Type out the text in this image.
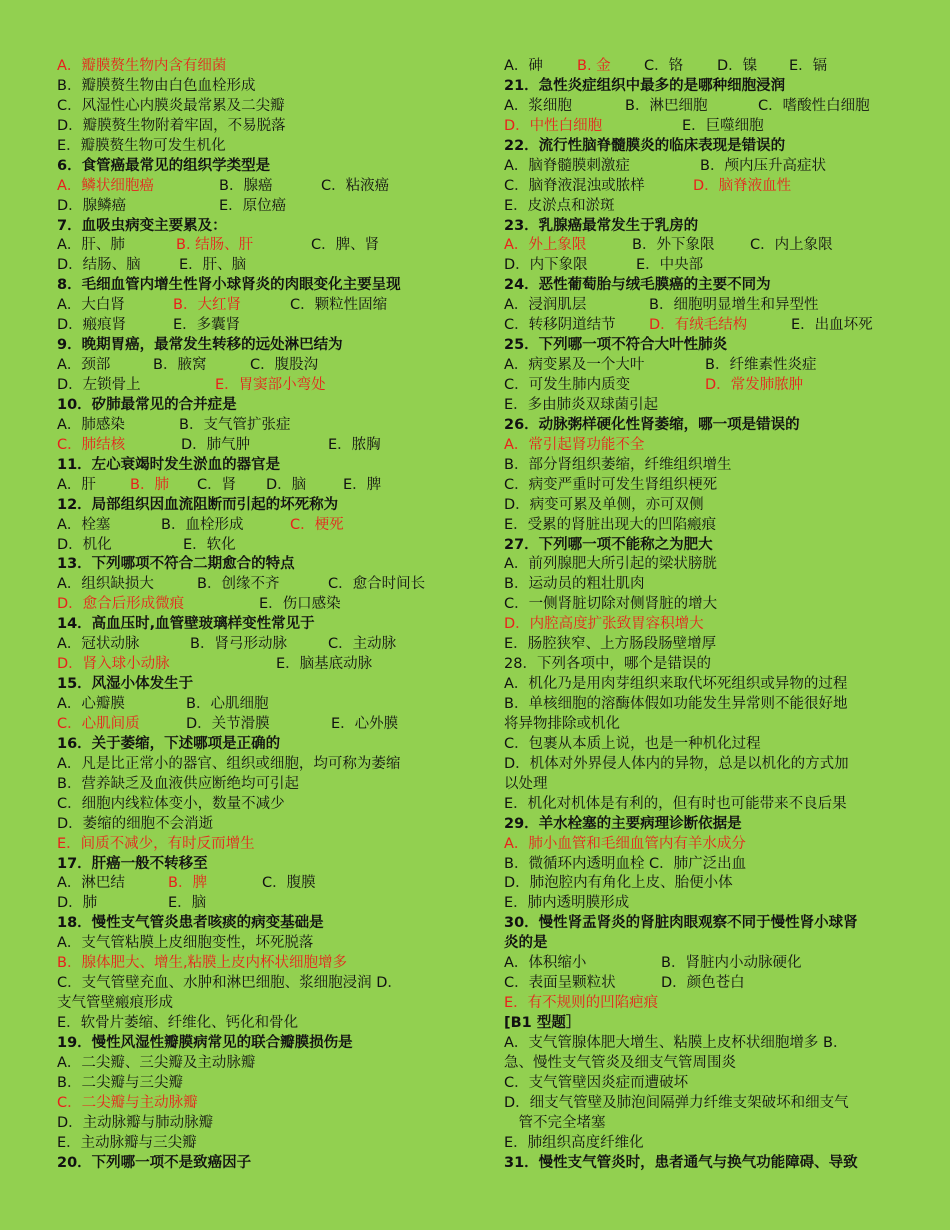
A．瓣膜赘生物内含有细菌
B．瓣膜赘生物由白色血栓形成
C．风湿性心内膜炎最常累及二尖瓣
D．瓣膜赘生物附着牢固，不易脱落
E．瓣膜赘生物可发生机化
6．食管癌最常见的组织学类型是
A．鳞状细胞癌	B．腺癌	C．粘液癌
D．腺鳞癌	E．原位癌
7．血吸虫病变主要累及：
A．肝、肺	B. 结肠、肝	C．脾、肾
D．结肠、脑	E．肝、脑
8．毛细血管内增生性肾小球肾炎的肉眼变化主要呈现
A．大白肾	B．大红肾	C．颗粒性固缩
D．瘢痕肾	E．多囊肾
9．晚期胃癌，最常发生转移的远处淋巴结为
A．颈部	B．腋窝	C．腹股沟
D．左锁骨上	E．胃窦部小弯处
10．矽肺最常见的合并症是
A．肺感染	B．支气管扩张症
C．肺结核	D．肺气肿	E．脓胸
11．左心衰竭时发生淤血的器官是
A．肝 B．肺 C．肾 D．脑	E．脾
12．局部组织因血流阻断而引起的坏死称为
A．栓塞	B．血栓形成	C．梗死
D．机化	E．软化
13．下列哪项不符合二期愈合的特点
A．组织缺损大	B．创缘不齐	C．愈合时间长
D．愈合后形成微痕	E．伤口感染
14．高血压时,血管壁玻璃样变性常见于
A．冠状动脉	B．肾弓形动脉	C．主动脉
D．肾入球小动脉	E．脑基底动脉
15．风湿小体发生于
A．心瓣膜	B．心肌细胞
C．心肌间质	D．关节滑膜	E．心外膜
16．关于萎缩，下述哪项是正确的
A．凡是比正常小的器官、组织或细胞，均可称为萎缩
B．营养缺乏及血液供应断绝均可引起
C．细胞内线粒体变小，数量不减少
D．萎缩的细胞不会消逝
E．间质不减少，有时反而增生
17．肝癌一般不转移至
A．淋巴结	B．脾	C．腹膜
D．肺	E．脑
18．慢性支气管炎患者咳痰的病变基础是
A．支气管粘膜上皮细胞变性，坏死脱落
B．腺体肥大、增生,粘膜上皮内杯状细胞增多
C．支气管壁充血、水肿和淋巴细胞、浆细胞浸润 D．
支气管壁瘢痕形成
E．软骨片萎缩、纤维化、钙化和骨化
19．慢性风湿性瓣膜病常见的联合瓣膜损伤是
A．二尖瓣、三尖瓣及主动脉瓣
B．二尖瓣与三尖瓣
C．二尖瓣与主动脉瓣
D．主动脉瓣与肺动脉瓣
E．主动脉瓣与三尖瓣
20．下列哪一项不是致癌因子
A．砷 B. 金 C．铬 D．镍 E．镉
21．急性炎症组织中最多的是哪种细胞浸润
A．浆细胞	B．淋巴细胞	C．嗜酸性白细胞
D．中性白细胞	E．巨噬细胞
22．流行性脑脊髓膜炎的临床表现是错误的
A．脑脊髓膜刺激症	B．颅内压升高症状
C．脑脊液混浊或脓样	D．脑脊液血性
E．皮淤点和淤斑
23．乳腺癌最常发生于乳房的
A．外上象限	B．外下象限 C．内上象限
D．内下象限	E．中央部
24．恶性葡萄胎与绒毛膜癌的主要不同为
A．浸润肌层	B．细胞明显增生和异型性
C．转移阴道结节 D．有绒毛结构	E．出血坏死
25．下列哪一项不符合大叶性肺炎
A．病变累及一个大叶	B．纤维素性炎症
C．可发生肺内质变	D．常发肺脓肿
E．多由肺炎双球菌引起
26．动脉粥样硬化性肾萎缩，哪一项是错误的
A．常引起肾功能不全
B．部分肾组织萎缩，纤维组织增生
C．病变严重时可发生肾组织梗死
D．病变可累及单侧，亦可双侧
E．受累的肾脏出现大的凹陷瘢痕
27．下列哪一项不能称之为肥大
A．前列腺肥大所引起的梁状膀胱
B．运动员的粗壮肌肉
C．一侧肾脏切除对侧肾脏的增大
D．内腔高度扩张致胃容积增大
E．肠腔狭窄、上方肠段肠壁增厚
28．下列各项中，哪个是错误的
A．机化乃是用肉芽组织来取代坏死组织或异物的过程
B．单核细胞的溶酶体假如功能发生异常则不能很好地
将异物排除或机化
C．包裹从本质上说，也是一种机化过程
D．机体对外界侵人体内的异物，总是以机化的方式加
以处理
E．机化对机体是有利的，但有时也可能带来不良后果
29．羊水栓塞的主要病理诊断依据是
A．肺小血管和毛细血管内有羊水成分
B．微循环内透明血栓 C．肺广泛出血
D．肺泡腔内有角化上皮、胎便小体
E．肺内透明膜形成
30．慢性肾盂肾炎的肾脏肉眼观察不同于慢性肾小球肾
炎的是
A．体积缩小	B．肾脏内小动脉硬化
C．表面呈颗粒状	D．颜色苍白
E．有不规则的凹陷疤痕
[B1 型题］
A．支气管腺体肥大增生、粘膜上皮杯状细胞增多 B．
急、慢性支气管炎及细支气管周围炎
C．支气管壁因炎症而遭破坏
D．细支气管壁及肺泡间隔弹力纤维支架破坏和细支气
　管不完全堵塞
E．肺组织高度纤维化
31．慢性支气管炎时，患者通气与换气功能障碍、导致
